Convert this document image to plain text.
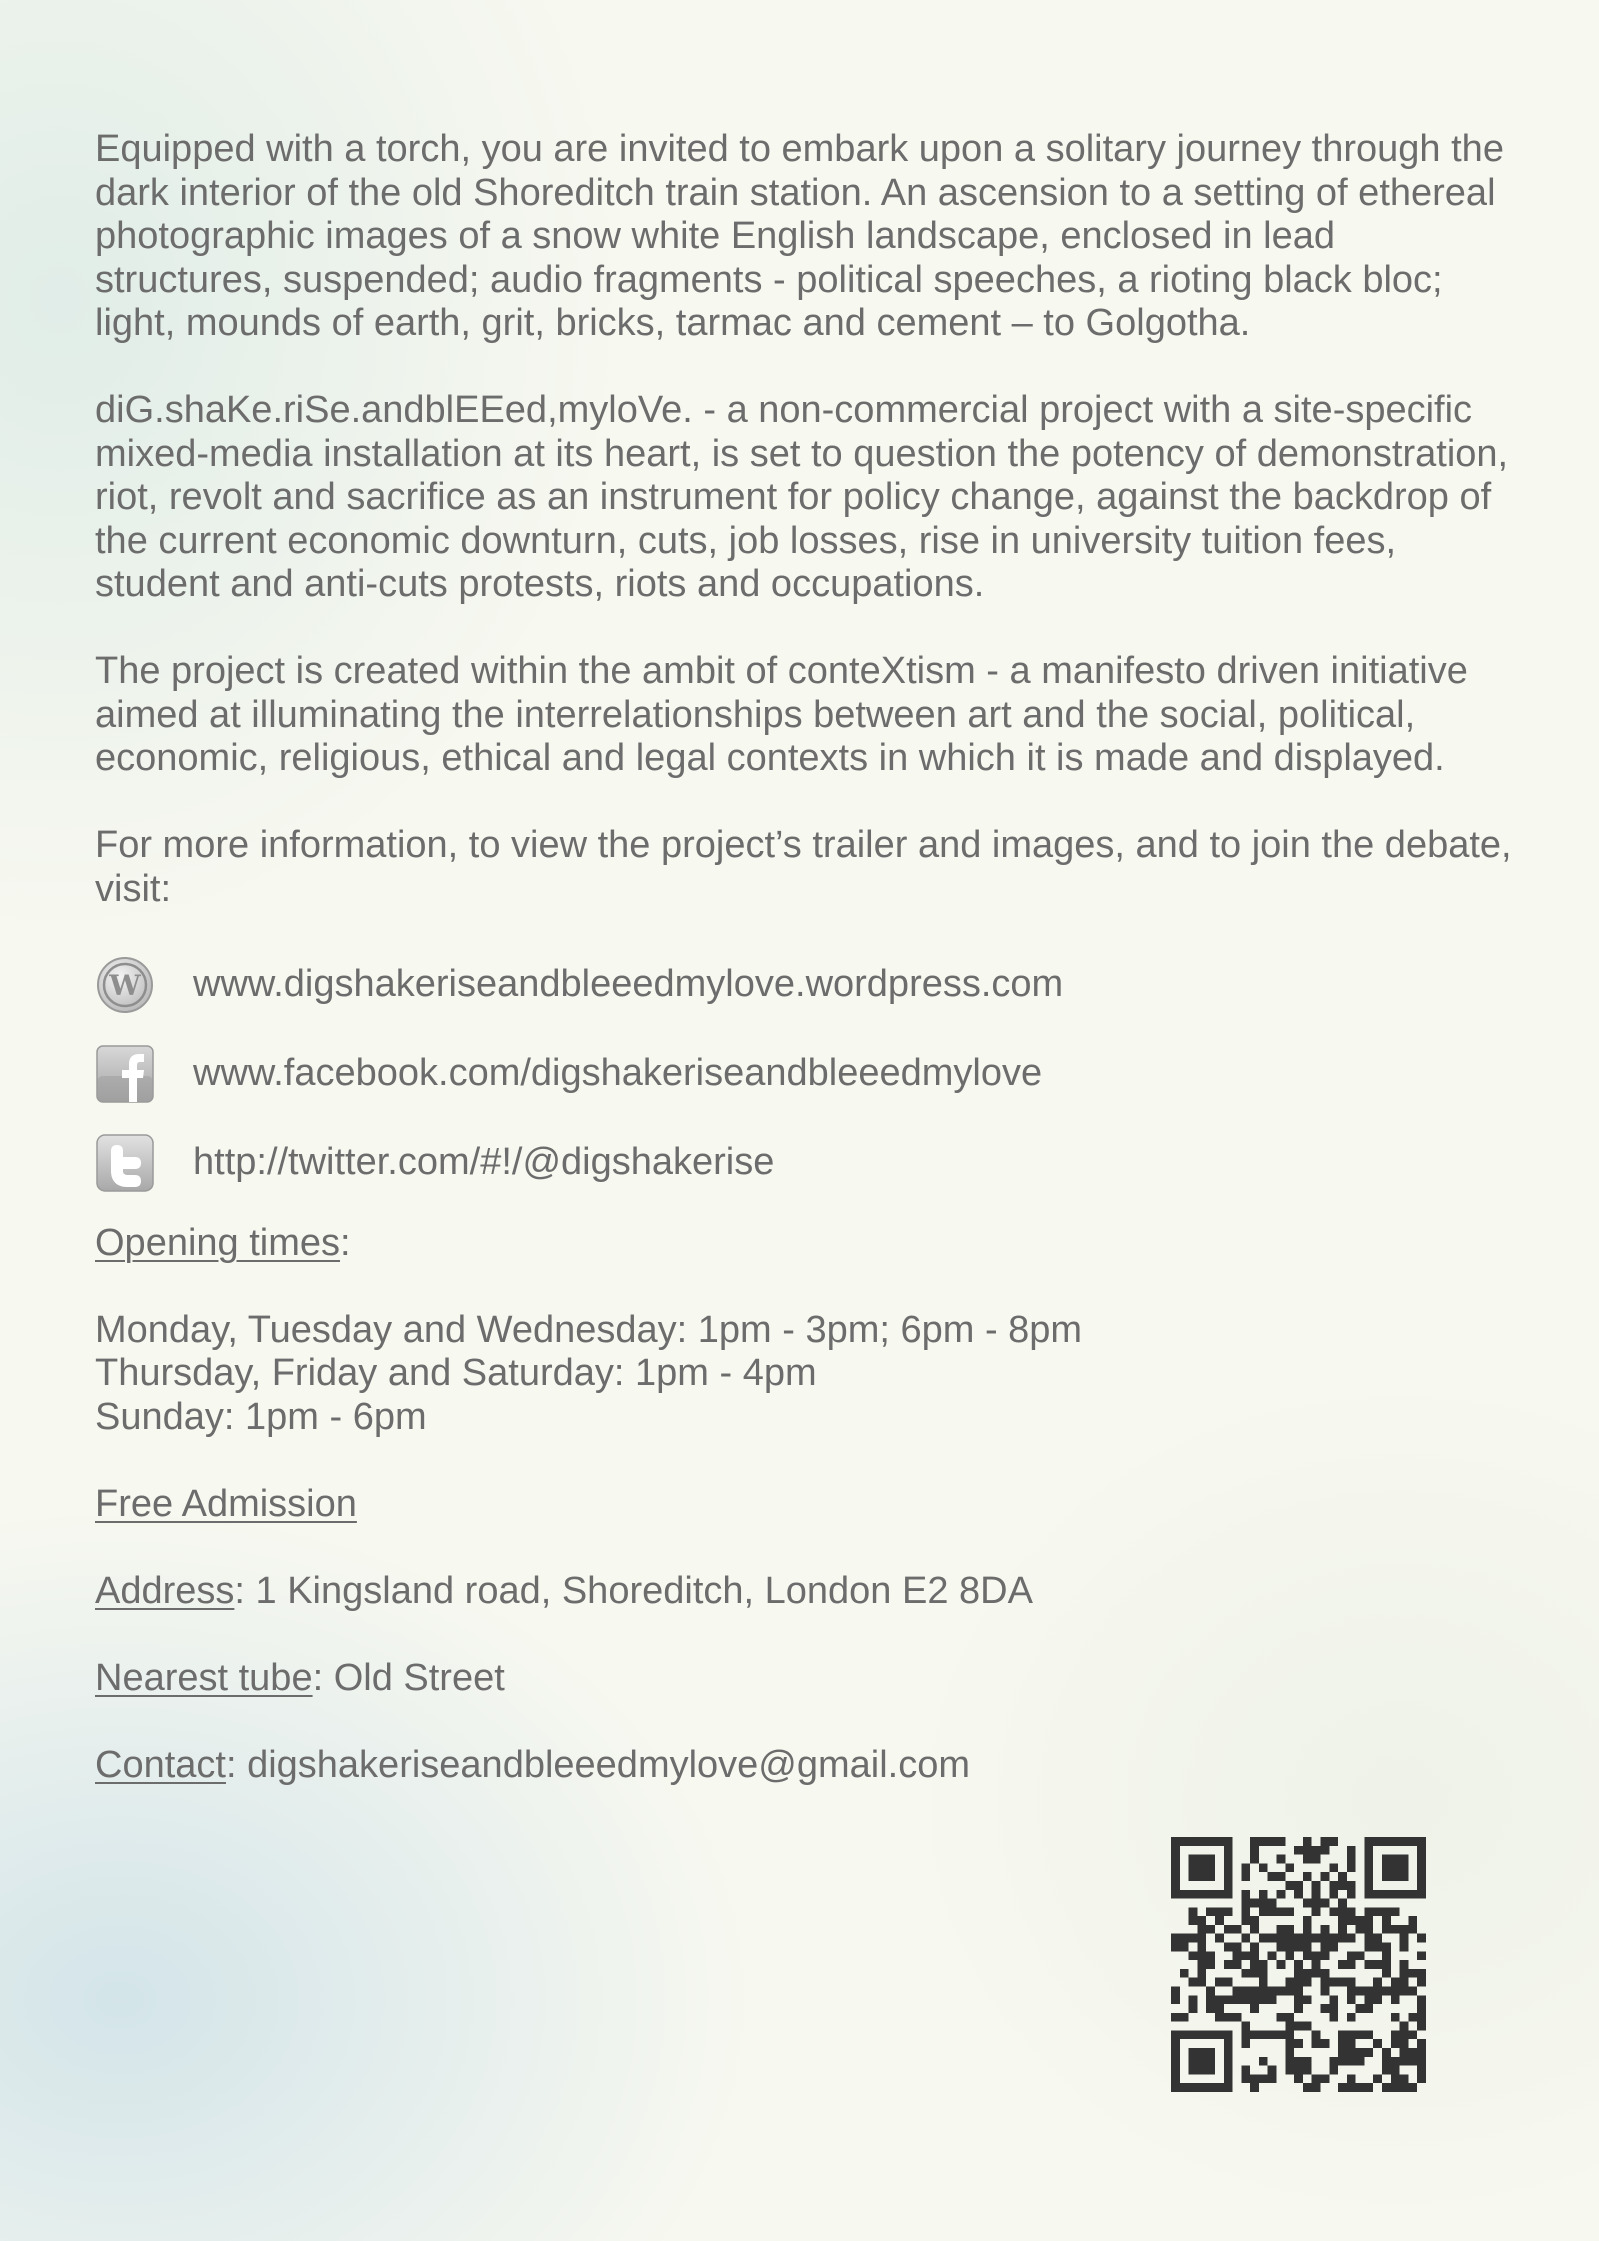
Equipped with a torch, you are invited to embark upon a solitary journey through the dark interior of the old Shoreditch train station. An ascension to a setting of ethereal photographic images of a snow white English landscape, enclosed in lead structures, suspended; audio fragments - political speeches, a rioting black bloc; light, mounds of earth, grit, bricks, tarmac and cement – to Golgotha.

diG.shaKe.riSe.andblEEed,myloVe. - a non-commercial project with a site-specific mixed-media installation at its heart, is set to question the potency of demonstration, riot, revolt and sacrifice as an instrument for policy change, against the backdrop of the current economic downturn, cuts, job losses, rise in university tuition fees, student and anti-cuts protests, riots and occupations.

The project is created within the ambit of conteXtism - a manifesto driven initiative aimed at illuminating the interrelationships between art and the social, political, economic, religious, ethical and legal contexts in which it is made and displayed.

For more information, to view the project’s trailer and images, and to join the debate, visit:

W www.digshakeriseandbleeedmylove.wordpress.com
www.facebook.com/digshakeriseandbleeedmylove
http://twitter.com/#!/@digshakerise

Opening times:

Monday, Tuesday and Wednesday: 1pm - 3pm; 6pm - 8pm
Thursday, Friday and Saturday: 1pm - 4pm
Sunday: 1pm - 6pm

Free Admission

Address: 1 Kingsland road, Shoreditch, London E2 8DA

Nearest tube: Old Street

Contact: digshakeriseandbleeedmylove@gmail.com
